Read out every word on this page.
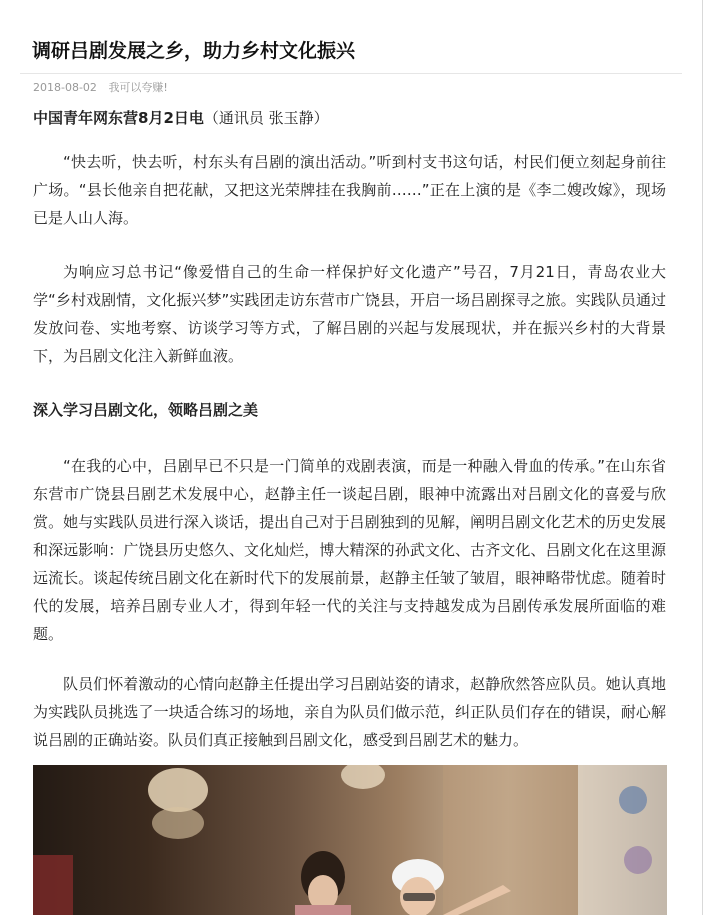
调研吕剧发展之乡，助力乡村文化振兴
2018-08-02 我可以夸赚!
中国青年网东营8月2日电（通讯员 张玉静）

“快去听，快去听，村东头有吕剧的演出活动。”听到村支书这句话，村民们便立刻起身前往广场。“县长他亲自把花献，又把这光荣牌挂在我胸前……”正在上演的是《李二嫂改嫁》，现场已是人山人海。

为响应习总书记“像爱惜自己的生命一样保护好文化遗产”号召，7月21日，青岛农业大学“乡村戏剧情，文化振兴梦”实践团走访东营市广饶县，开启一场吕剧探寻之旅。实践队员通过发放问卷、实地考察、访谈学习等方式，了解吕剧的兴起与发展现状，并在振兴乡村的大背景下，为吕剧文化注入新鲜血液。

深入学习吕剧文化，领略吕剧之美

“在我的心中，吕剧早已不只是一门简单的戏剧表演，而是一种融入骨血的传承。”在山东省东营市广饶县吕剧艺术发展中心，赵静主任一谈起吕剧，眼神中流露出对吕剧文化的喜爱与欣赏。她与实践队员进行深入谈话，提出自己对于吕剧独到的见解，阐明吕剧文化艺术的历史发展和深远影响：广饶县历史悠久、文化灿烂，博大精深的孙武文化、古齐文化、吕剧文化在这里源远流长。谈起传统吕剧文化在新时代下的发展前景，赵静主任皱了皱眉，眼神略带忧虑。随着时代的发展，培养吕剧专业人才，得到年轻一代的关注与支持越发成为吕剧传承发展所面临的难题。

队员们怀着激动的心情向赵静主任提出学习吕剧站姿的请求，赵静欣然答应队员。她认真地为实践队员挑选了一块适合练习的场地，亲自为队员们做示范，纠正队员们存在的错误，耐心解说吕剧的正确站姿。队员们真正接触到吕剧文化，感受到吕剧艺术的魅力。
